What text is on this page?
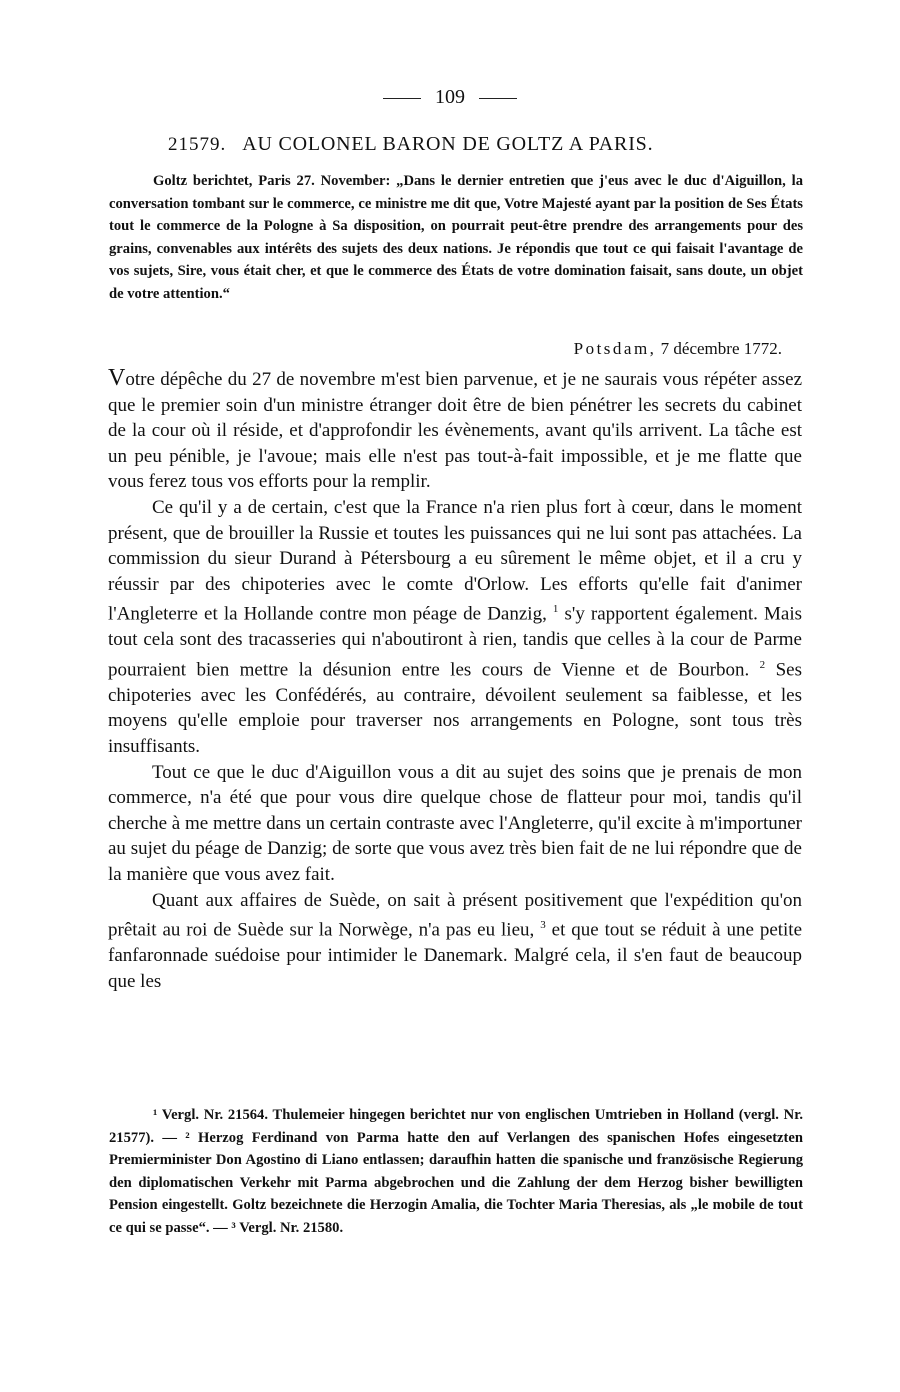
109
21579. AU COLONEL BARON DE GOLTZ A PARIS.
Goltz berichtet, Paris 27. November: „Dans le dernier entretien que j'eus avec le duc d'Aiguillon, la conversation tombant sur le commerce, ce ministre me dit que, Votre Majesté ayant par la position de Ses États tout le commerce de la Pologne à Sa disposition, on pourrait peut-être prendre des arrangements pour des grains, convenables aux intérêts des sujets des deux nations. Je répondis que tout ce qui faisait l'avantage de vos sujets, Sire, vous était cher, et que le commerce des États de votre domination faisait, sans doute, un objet de votre attention.“
Potsdam, 7 décembre 1772.

Votre dépêche du 27 de novembre m'est bien parvenue, et je ne saurais vous répéter assez que le premier soin d'un ministre étranger doit être de bien pénétrer les secrets du cabinet de la cour où il réside, et d'approfondir les évènements, avant qu'ils arrivent. La tâche est un peu pénible, je l'avoue; mais elle n'est pas tout-à-fait impossible, et je me flatte que vous ferez tous vos efforts pour la remplir.

Ce qu'il y a de certain, c'est que la France n'a rien plus fort à cœur, dans le moment présent, que de brouiller la Russie et toutes les puissances qui ne lui sont pas attachées. La commission du sieur Durand à Pétersbourg a eu sûrement le même objet, et il a cru y réussir par des chipoteries avec le comte d'Orlow. Les efforts qu'elle fait d'animer l'Angleterre et la Hollande contre mon péage de Danzig, $^1$ s'y rapportent également. Mais tout cela sont des tracasseries qui n'aboutiront à rien, tandis que celles à la cour de Parme pourraient bien mettre la désunion entre les cours de Vienne et de Bourbon. $^2$ Ses chipoteries avec les Confédérés, au contraire, dévoilent seulement sa faiblesse, et les moyens qu'elle emploie pour traverser nos arrangements en Pologne, sont tous très insuffisants.

Tout ce que le duc d'Aiguillon vous a dit au sujet des soins que je prenais de mon commerce, n'a été que pour vous dire quelque chose de flatteur pour moi, tandis qu'il cherche à me mettre dans un certain contraste avec l'Angleterre, qu'il excite à m'importuner au sujet du péage de Danzig; de sorte que vous avez très bien fait de ne lui répondre que de la manière que vous avez fait.

Quant aux affaires de Suède, on sait à présent positivement que l'expédition qu'on prêtait au roi de Suède sur la Norwège, n'a pas eu lieu, $^3$ et que tout se réduit à une petite fanfaronnade suédoise pour intimider le Danemark. Malgré cela, il s'en faut de beaucoup que les

¹ Vergl. Nr. 21564. Thulemeier hingegen berichtet nur von englischen Umtrieben in Holland (vergl. Nr. 21577). — ² Herzog Ferdinand von Parma hatte den auf Verlangen des spanischen Hofes eingesetzten Premierminister Don Agostino di Liano entlassen; daraufhin hatten die spanische und französische Regierung den diplomatischen Verkehr mit Parma abgebrochen und die Zahlung der dem Herzog bisher bewilligten Pension eingestellt. Goltz bezeichnete die Herzogin Amalia, die Tochter Maria Theresias, als „le mobile de tout ce qui se passe“. — ³ Vergl. Nr. 21580.
